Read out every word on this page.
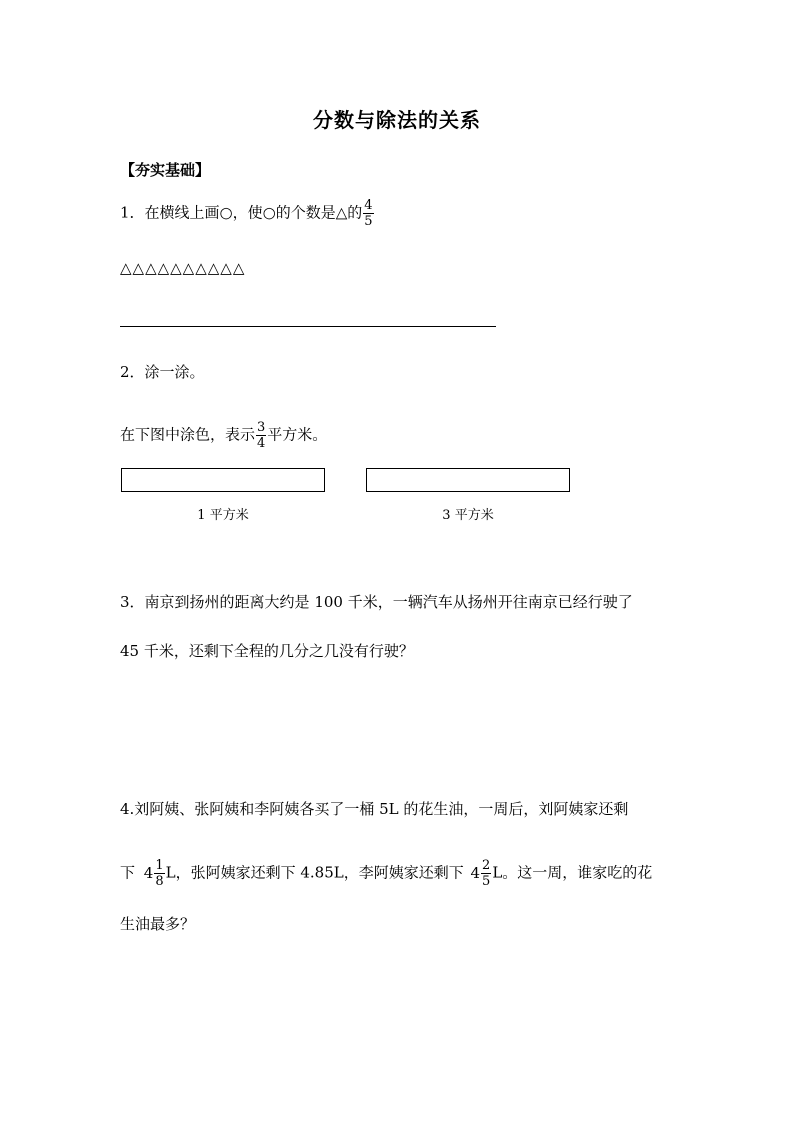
分数与除法的关系
【夯实基础】
1．在横线上画○，使○的个数是△的 $\frac{4}{5}$
△△△△△△△△△△
2．涂一涂。
在下图中涂色，表示 $\frac{3}{4}$ 平方米。
1 平方米	3 平方米
3．南京到扬州的距离大约是 100 千米，一辆汽车从扬州开往南京已经行驶了
45 千米，还剩下全程的几分之几没有行驶？
4.刘阿姨、张阿姨和李阿姨各买了一桶 5L 的花生油，一周后，刘阿姨家还剩
下 $4 \frac{1}{8}$ L，张阿姨家还剩下 4.85L，李阿姨家还剩下 $4 \frac{2}{5}$ L。这一周，谁家吃的花
生油最多？
